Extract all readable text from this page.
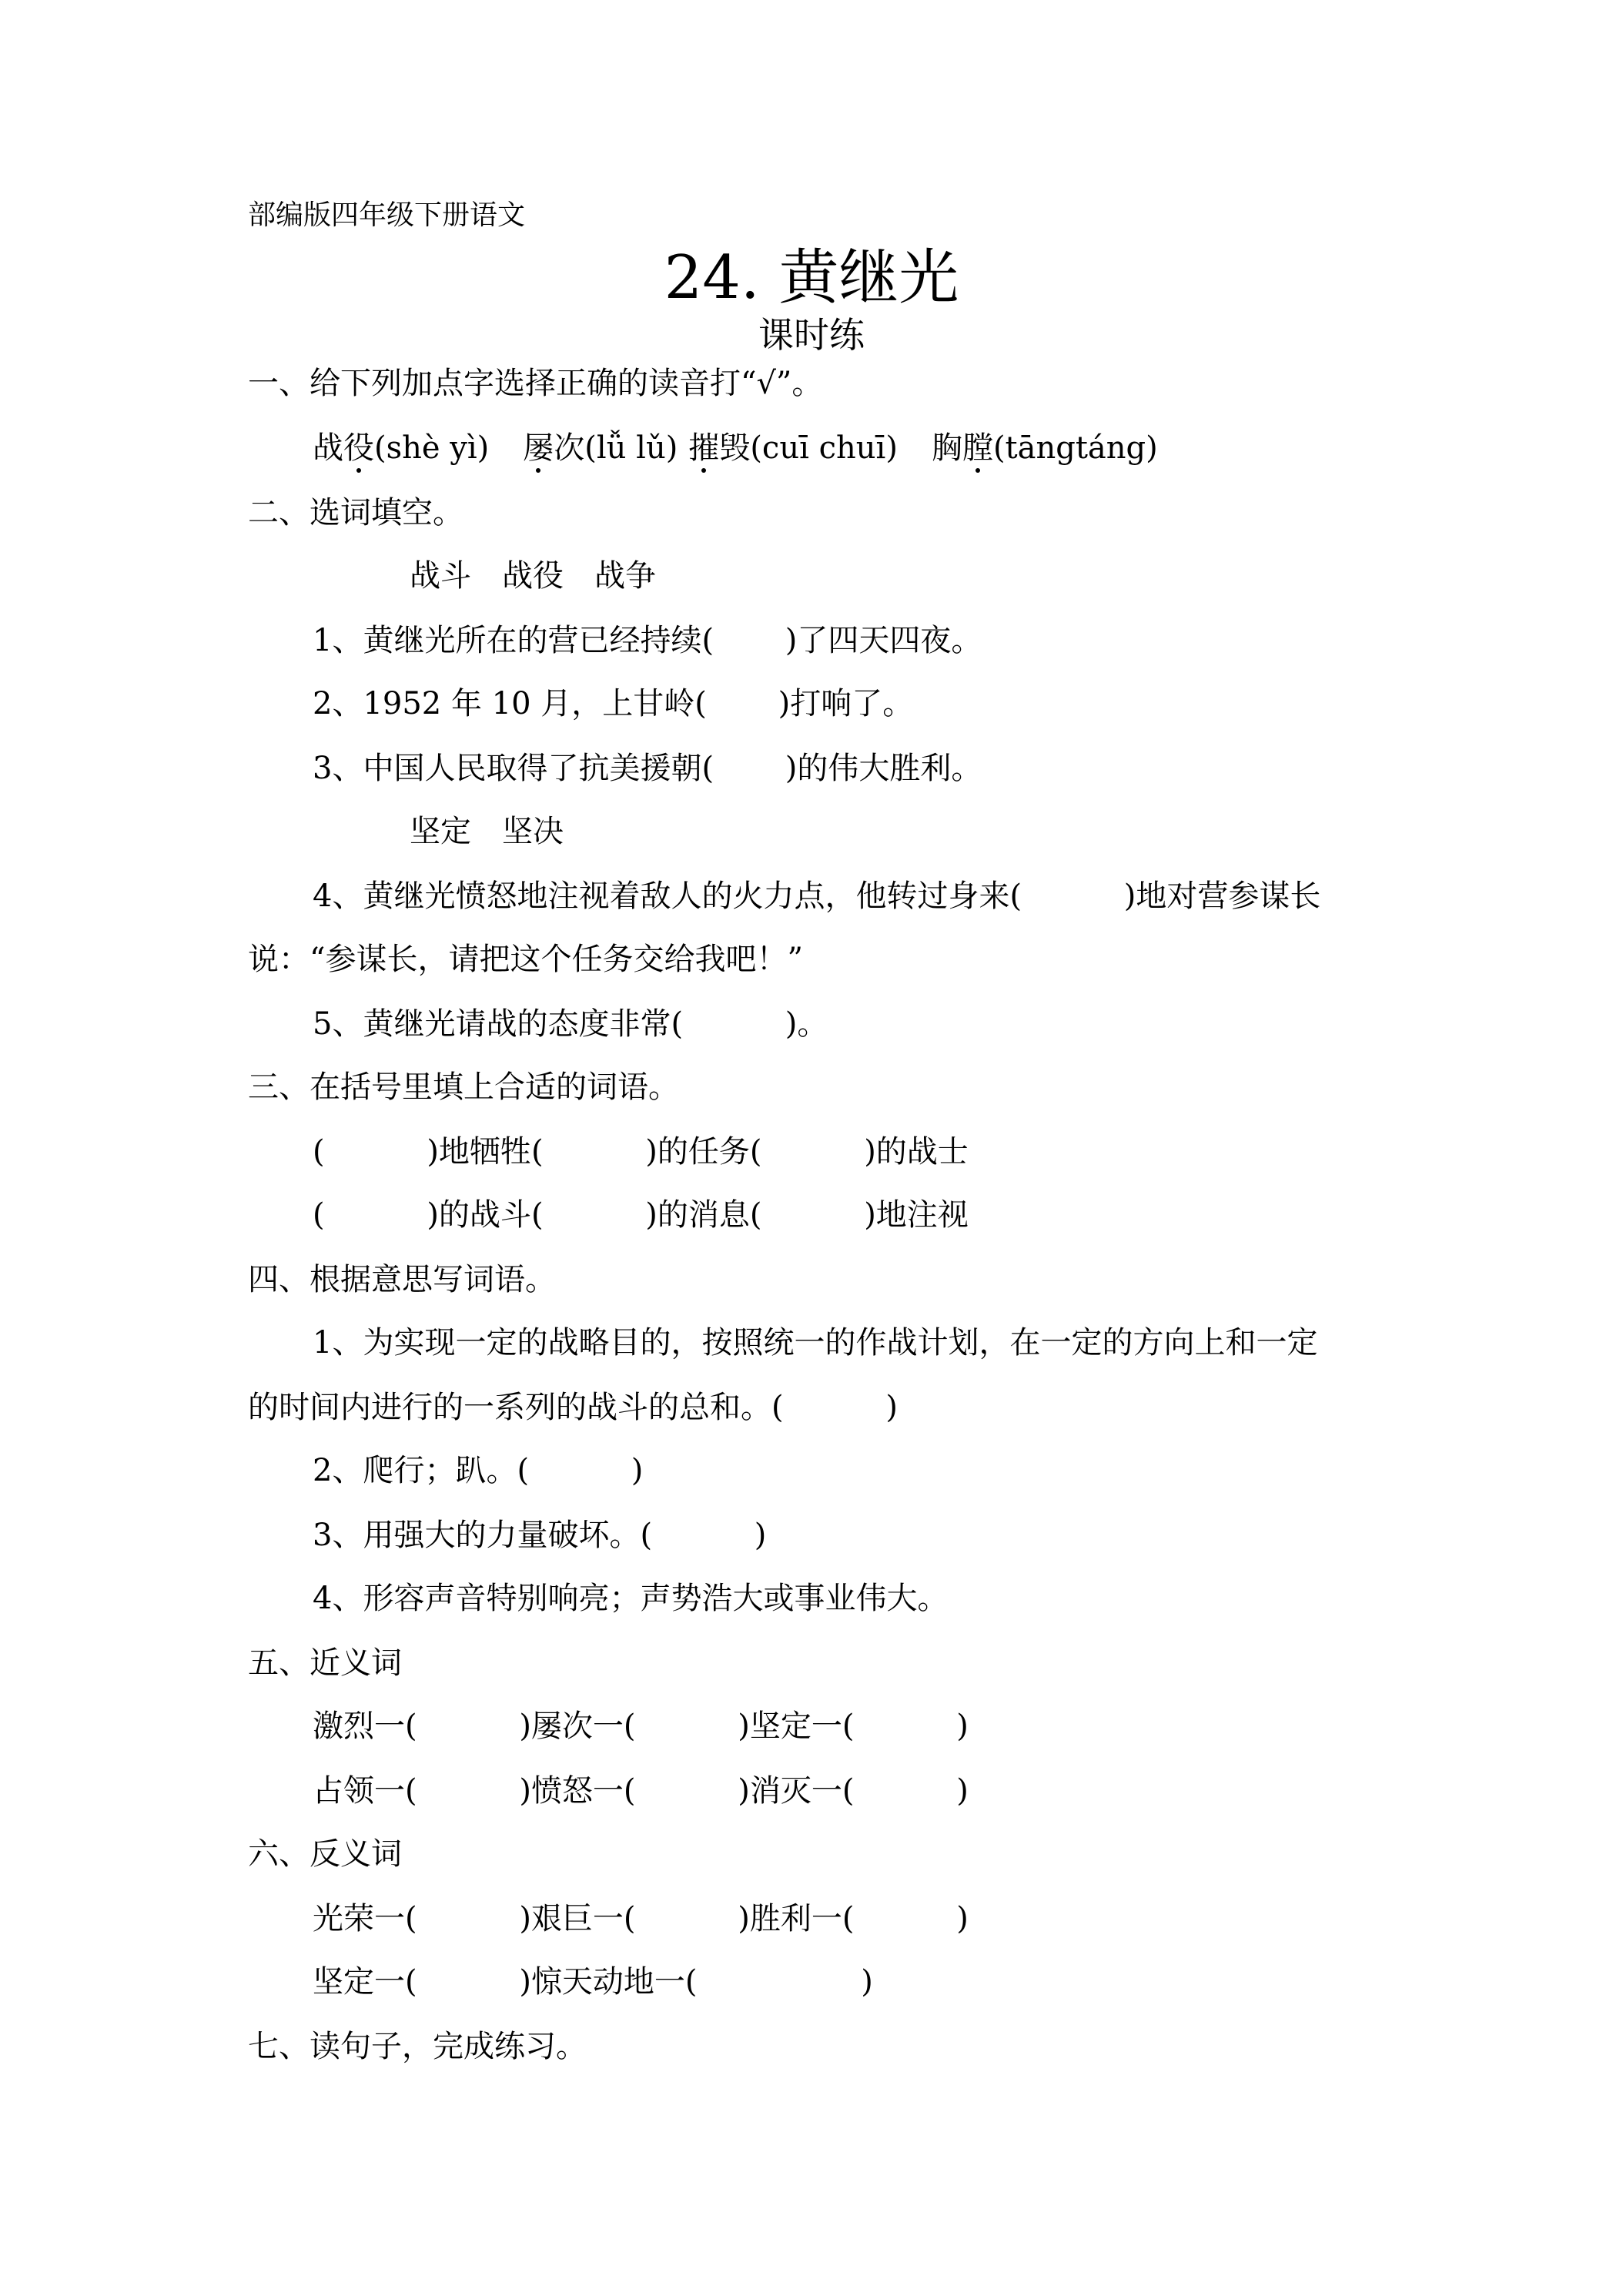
部编版四年级下册语文
24. 黄继光
课时练
一、给下列加点字选择正确的读音打“√”。
战役(shè yì) 屡次(lǚ lǔ) 摧毁(cuī chuī) 胸膛(tāngtáng)
二、选词填空。
战斗　战役　战争
1、黄继光所在的营已经持续(　　 )了四天四夜。
2、1952 年 10 月，上甘岭(　　 )打响了。
3、中国人民取得了抗美援朝(　　 )的伟大胜利。
坚定　坚决
4、黄继光愤怒地注视着敌人的火力点，他转过身来(　　　 )地对营参谋长
说：“参谋长，请把这个任务交给我吧！”
5、黄继光请战的态度非常(　　　 )。
三、在括号里填上合适的词语。
(　　　 )地牺牲(　　　 )的任务(　　　 )的战士
(　　　 )的战斗(　　　 )的消息(　　　 )地注视
四、根据意思写词语。
1、为实现一定的战略目的，按照统一的作战计划，在一定的方向上和一定
的时间内进行的一系列的战斗的总和。(　　　 )
2、爬行；趴。(　　　 )
3、用强大的力量破坏。(　　　 )
4、形容声音特别响亮；声势浩大或事业伟大。
五、近义词
激烈一(　　　 )屡次一(　　　 )坚定一(　　　 )
占领一(　　　 )愤怒一(　　　 )消灭一(　　　 )
六、反义词
光荣一(　　　 )艰巨一(　　　 )胜利一(　　　 )
坚定一(　　　 )惊天动地一(　　　　　 )
七、读句子，完成练习。
